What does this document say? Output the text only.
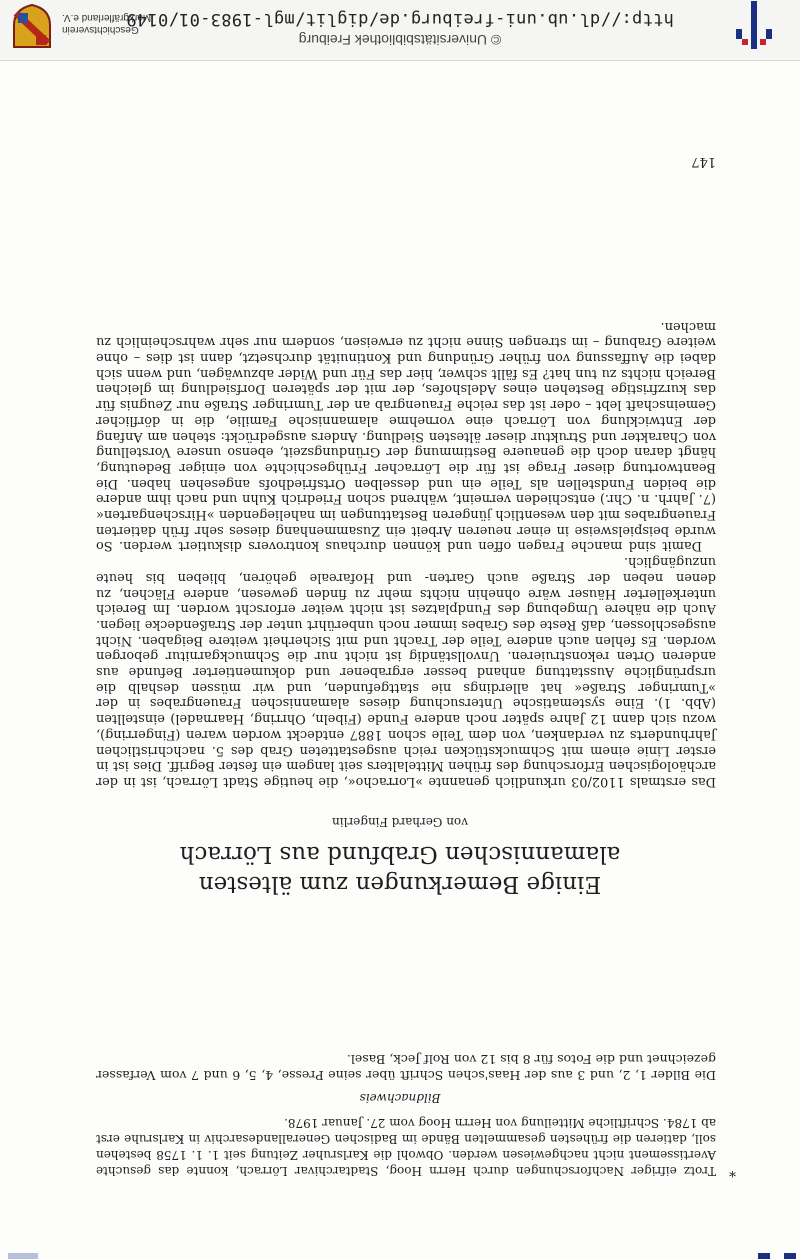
© Universitätsbibliothek Freiburg
http://dl.ub.uni-freiburg.de/diglit/mgl-1983-01/0149
Geschichtsverein
Markgräflerland e.V.
*

Trotz eifriger Nachforschungen durch Herrn Hoog, Stadtarchivar Lörrach, konnte das gesuchte Avertissement nicht nachgewiesen werden. Obwohl die Karlsruher Zeitung seit 1. 1. 1758 bestehen soll, datieren die frühesten gesammelten Bände im Badischen Generallandesarchiv in Karlsruhe erst ab 1784. Schriftliche Mitteilung von Herrn Hoog vom 27. Januar 1978.

Bildnachweis

Die Bilder 1, 2, und 3 aus der Haas'schen Schrift über seine Presse, 4, 5, 6 und 7 vom Verfasser gezeichnet und die Fotos für 8 bis 12 von Rolf Jeck, Basel.

Einige Bemerkungen zum ältesten
alamannischen Grabfund aus Lörrach
von Gerhard Fingerlin

Das erstmals 1102/03 urkundlich genannte »Lorracho«, die heutige Stadt Lörrach, ist in der archäologischen Erforschung des frühen Mittelalters seit langem ein fester Begriff. Dies ist in erster Linie einem mit Schmuckstücken reich ausgestatteten Grab des 5. nachchristlichen Jahrhunderts zu verdanken, von dem Teile schon 1887 entdeckt worden waren (Fingerring), wozu sich dann 12 Jahre später noch andere Funde (Fibeln, Ohrring, Haarnadel) einstellten (Abb. 1). Eine systematische Untersuchung dieses alamannischen Frauengrabes in der »Tumringer Straße« hat allerdings nie stattgefunden, und wir müssen deshalb die ursprüngliche Ausstattung anhand besser ergrabener und dokumentierter Befunde aus anderen Orten rekonstruieren. Unvollständig ist nicht nur die Schmuckgarnitur geborgen worden. Es fehlen auch andere Teile der Tracht und mit Sicherheit weitere Beigaben. Nicht ausgeschlossen, daß Reste des Grabes immer noch unberührt unter der Straßendecke liegen. Auch die nähere Umgebung des Fundplatzes ist nicht weiter erforscht worden. Im Bereich unterkellerter Häuser wäre ohnehin nichts mehr zu finden gewesen, andere Flächen, zu denen neben der Straße auch Garten- und Hofareale gehören, blieben bis heute unzugänglich.

Damit sind manche Fragen offen und können durchaus kontrovers diskutiert werden. So wurde beispielsweise in einer neueren Arbeit ein Zusammenhang dieses sehr früh datierten Frauengrabes mit den wesentlich jüngeren Bestattungen im naheliegenden »Hirschengarten« (7. Jahrh. n. Chr.) entschieden verneint, während schon Friedrich Kuhn und nach ihm andere die beiden Fundstellen als Teile ein und desselben Ortsfriedhofs angesehen haben. Die Beantwortung dieser Frage ist für die Lörracher Frühgeschichte von einiger Bedeutung, hängt daran doch die genauere Bestimmung der Gründungszeit, ebenso unsere Vorstellung von Charakter und Struktur dieser ältesten Siedlung. Anders ausgedrückt: stehen am Anfang der Entwicklung von Lörrach eine vornehme alamannische Familie, die in dörflicher Gemeinschaft lebt – oder ist das reiche Frauengrab an der Tumringer Straße nur Zeugnis für das kurzfristige Bestehen eines Adelshofes, der mit der späteren Dorfsiedlung im gleichen Bereich nichts zu tun hat? Es fällt schwer, hier das Für und Wider abzuwägen, und wenn sich dabei die Auffassung von früher Gründung und Kontinuität durchsetzt, dann ist dies – ohne weitere Grabung – im strengen Sinne nicht zu erweisen, sondern nur sehr wahrscheinlich zu machen.

147
